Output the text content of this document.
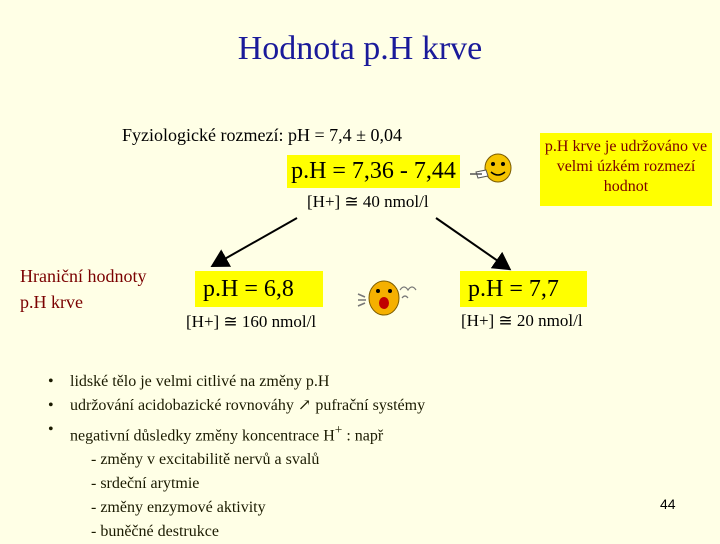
Hodnota p.H krve
Fyziologické rozmezí: pH = 7,4 ± 0,04
p.H = 7,36 - 7,44
[H+] ≅ 40 nmol/l
p.H krve je udržováno ve velmi úzkém rozmezí hodnot
Hraniční hodnoty p.H krve	p.H = 6,8
[H+] ≅ 160 nmol/l
p.H = 7,7
[H+] ≅ 20 nmol/l
• lidské tělo je velmi citlivé na změny p.H
• udržování acidobazické rovnováhy ↗ pufrační systémy
• negativní důsledky změny koncentrace H+ : např
- změny v excitabilitě nervů a svalů
- srdeční arytmie
- změny enzymové aktivity
- buněčné destrukce
44
